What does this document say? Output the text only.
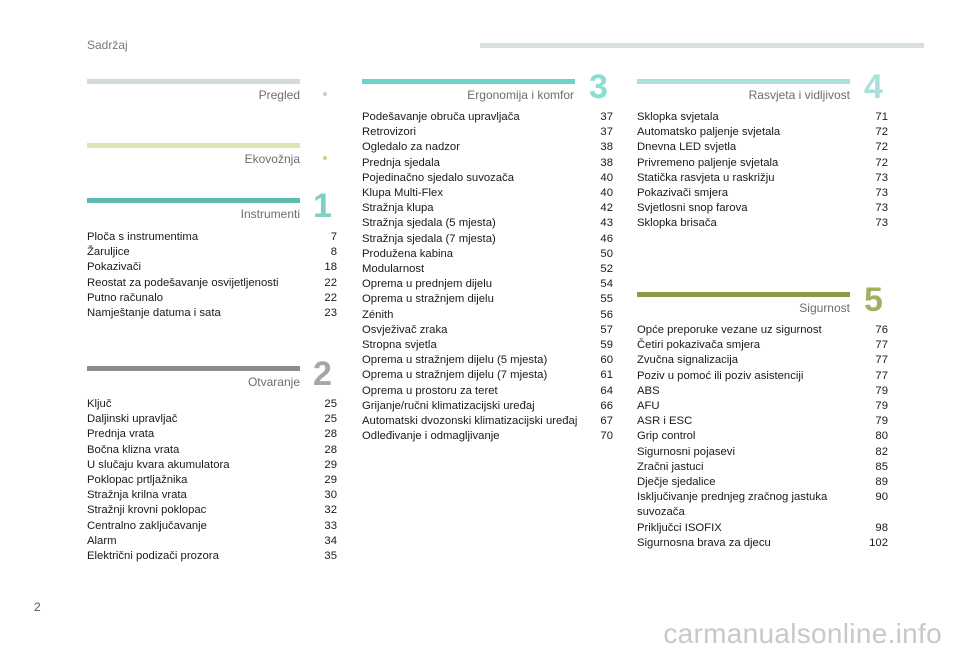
Sadržaj
Pregled
Ekovožnja
Instrumenti 1
Ploča s instrumentima	7
Žaruljice	8
Pokazivači	18
Reostat za podešavanje osvijetljenosti	22
Putno računalo	22
Namještanje datuma i sata	23
Otvaranje 2
Ključ	25
Daljinski upravljač	25
Prednja vrata	28
Bočna klizna vrata	28
U slučaju kvara akumulatora	29
Poklopac prtljažnika	29
Stražnja krilna vrata	30
Stražnji krovni poklopac	32
Centralno zaključavanje	33
Alarm	34
Električni podizači prozora	35
Ergonomija i komfor 3
Podešavanje obruča upravljača	37
Retrovizori	37
Ogledalo za nadzor	38
Prednja sjedala	38
Pojedinačno sjedalo suvozača	40
Klupa Multi-Flex	40
Stražnja klupa	42
Stražnja sjedala (5 mjesta)	43
Stražnja sjedala (7 mjesta)	46
Produžena kabina	50
Modularnost	52
Oprema u prednjem dijelu	54
Oprema u stražnjem dijelu	55
Zénith	56
Osvježivač zraka	57
Stropna svjetla	59
Oprema u stražnjem dijelu (5 mjesta)	60
Oprema u stražnjem dijelu (7 mjesta)	61
Oprema u prostoru za teret	64
Grijanje/ručni klimatizacijski uređaj	66
Automatski dvozonski klimatizacijski uređaj 67
Odleđivanje i odmagljivanje	70
Rasvjeta i vidljivost 4
Sklopka svjetala	71
Automatsko paljenje svjetala	72
Dnevna LED svjetla	72
Privremeno paljenje svjetala	72
Statička rasvjeta u raskrižju	73
Pokazivači smjera	73
Svjetlosni snop farova	73
Sklopka brisača	73
Sigurnost 5
Opće preporuke vezane uz sigurnost	76
Četiri pokazivača smjera	77
Zvučna signalizacija	77
Poziv u pomoć ili poziv asistenciji	77
ABS	79
AFU	79
ASR i ESC	79
Grip control	80
Sigurnosni pojasevi	82
Zračni jastuci	85
Dječje sjedalice	89
Isključivanje prednjeg zračnog jastuka suvozača
90
Priključci ISOFIX	98
Sigurnosna brava za djecu	102
2
carmanualsonline.info
